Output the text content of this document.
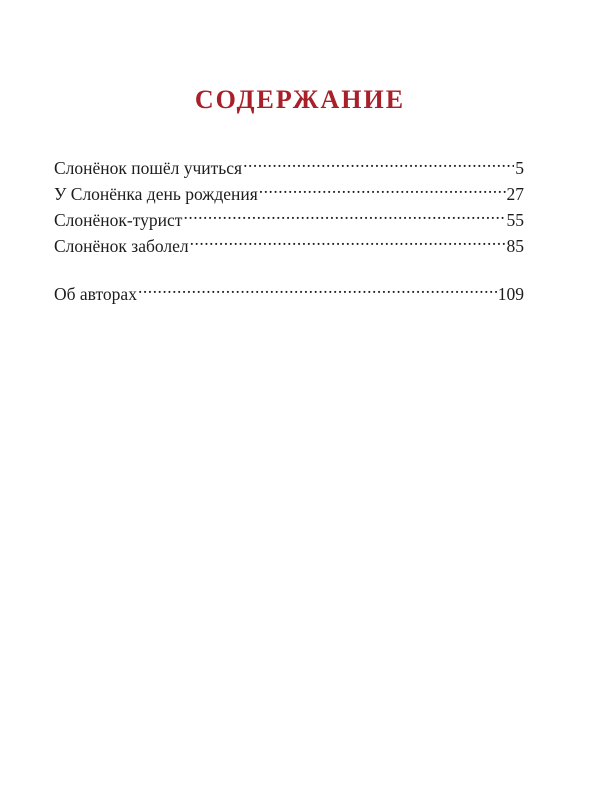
СОДЕРЖАНИЕ
Слонёнок пошёл учиться .....	5
У Слонёнка день рождения .....	27
Слонёнок-турист .....	55
Слонёнок заболел .....	85
Об авторах .....	109
